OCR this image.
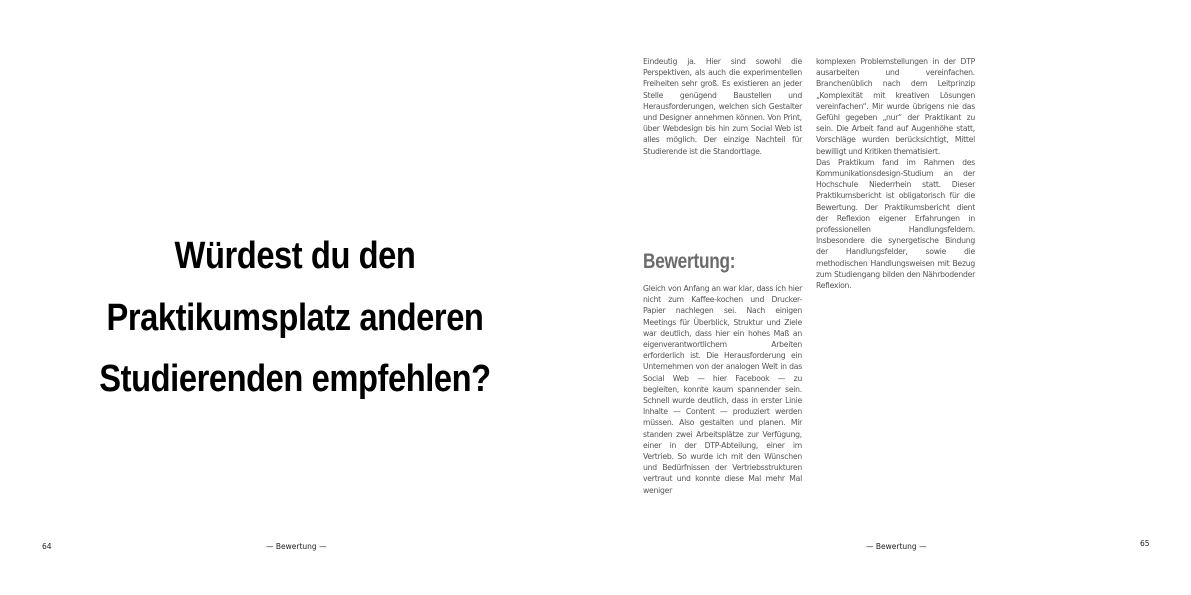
Würdest du den Praktikumsplatz anderen Studierenden empfehlen?
64	— Bewertung —

Eindeutig ja. Hier sind sowohl die Perspektiven, als auch die experimentellen Freiheiten sehr groß. Es existieren an jeder Stelle genügend Baustellen und Herausforderungen, welchen sich Gestalter und Designer annehmen können. Von Print, über Webdesign bis hin zum Social Web ist alles möglich. Der einzige Nachteil für Studierende ist die Standortlage.

Bewertung:

Gleich von Anfang an war klar, dass ich hier nicht zum Kaffee-kochen und Drucker-Papier nachlegen sei. Nach einigen Meetings für Überblick, Struktur und Ziele war deutlich, dass hier ein hohes Maß an eigenverantwortlichem Arbeiten erforderlich ist. Die Herausforderung ein Unternehmen von der analogen Welt in das Social Web — hier Facebook — zu begleiten, konnte kaum spannender sein. Schnell wurde deutlich, dass in erster Linie Inhalte — Content — produziert werden müssen. Also gestalten und planen. Mir standen zwei Arbeitsplätze zur Verfügung, einer in der DTP-Abteilung, einer im Vertrieb. So wurde ich mit den Wünschen und Bedürfnissen der Vertriebsstrukturen vertraut und konnte diese Mal mehr Mal weniger

komplexen Problemstellungen in der DTP ausarbeiten und vereinfachen. Branchenüblich nach dem Leitprinzip „Komplexität mit kreativen Lösungen vereinfachen“. Mir wurde übrigens nie das Gefühl gegeben „nur“ der Praktikant zu sein. Die Arbeit fand auf Augenhöhe statt, Vorschläge wurden berücksichtigt, Mittel bewilligt und Kritiken thematisiert.

Das Praktikum fand im Rahmen des Kommunikationsdesign-Studium an der Hochschule Niederrhein statt. Dieser Praktikumsbericht ist obligatorisch für die Bewertung. Der Praktikumsbericht dient der Reflexion eigener Erfahrungen in professionellen Handlungsfeldern. Insbesondere die synergetische Bindung der Handlungsfelder, sowie die methodischen Handlungsweisen mit Bezug zum Studiengang bilden den Nährbodender Reflexion.

— Bewertung —	65
